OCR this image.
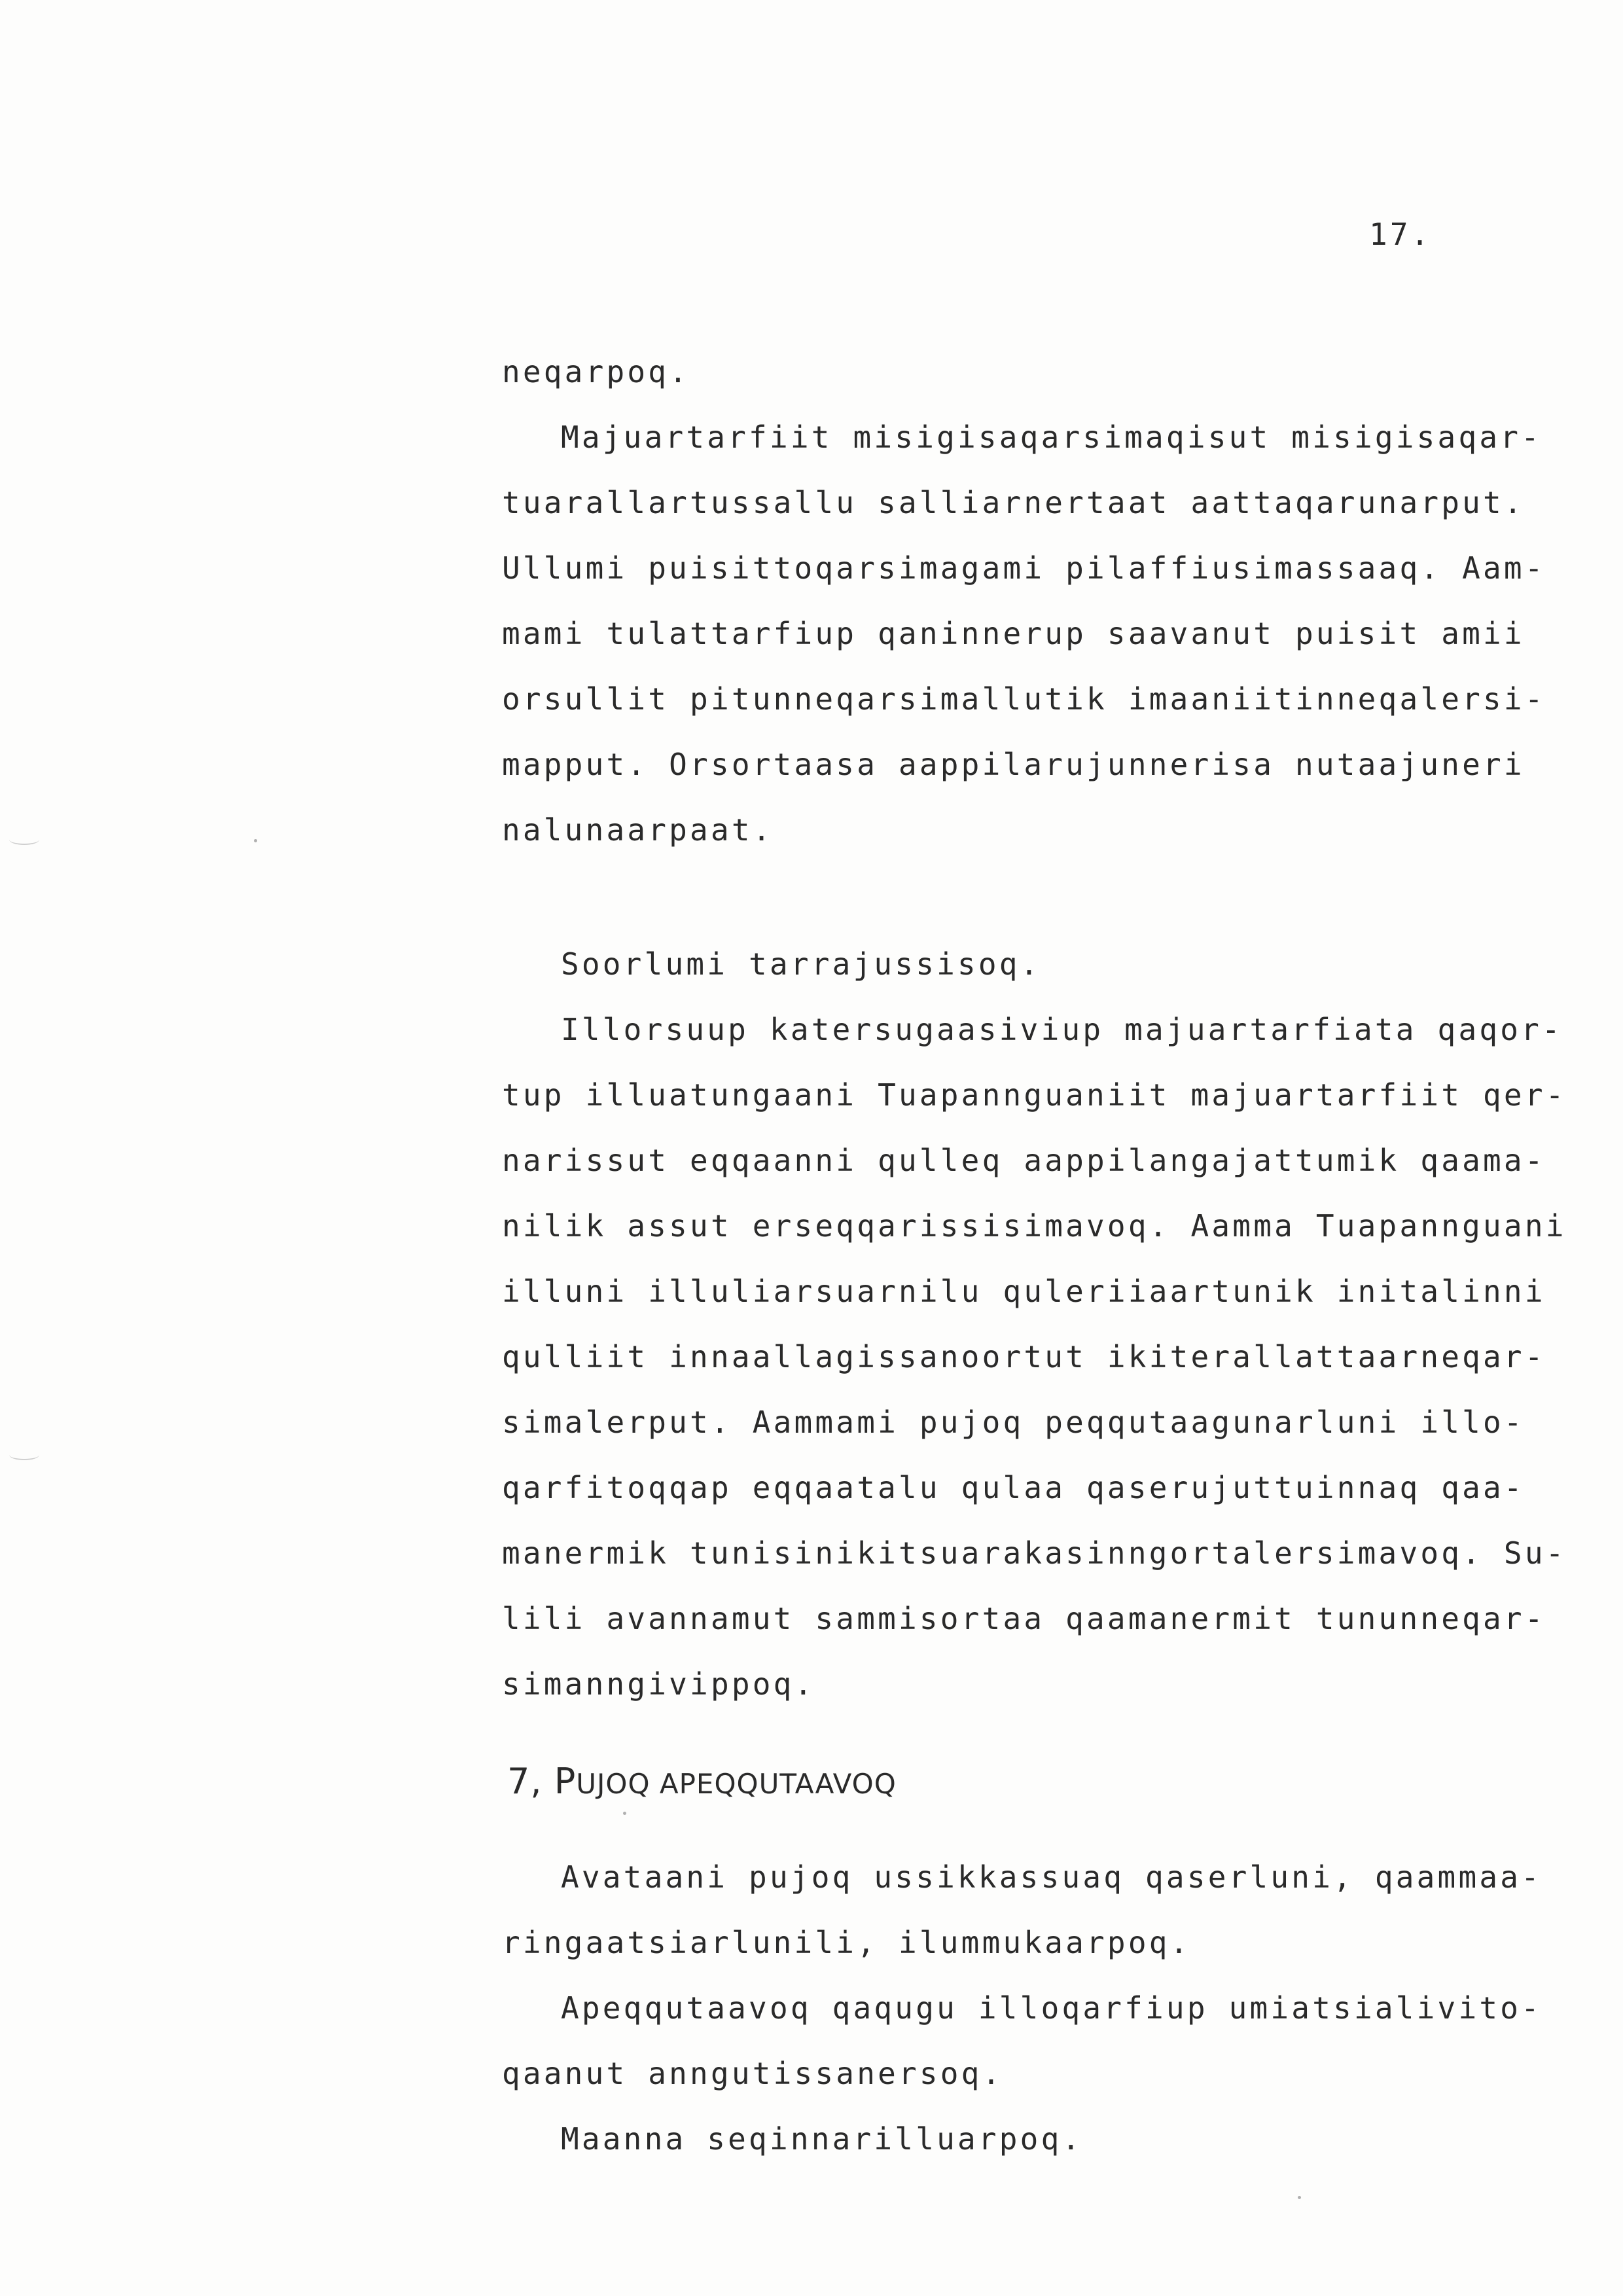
17.
neqarpoq.
Majuartarfiit misigisaqarsimaqisut misigisaqar-
tuarallartussallu salliarnertaat aattaqarunarput.
Ullumi puisittoqarsimagami pilaffiusimassaaq. Aam-
mami tulattarfiup qaninnerup saavanut puisit amii
orsullit pitunneqarsimallutik imaaniitinneqalersi-
mapput. Orsortaasa aappilarujunnerisa nutaajuneri
nalunaarpaat.
Soorlumi tarrajussisoq.
Illorsuup katersugaasiviup majuartarfiata qaqor-
tup illuatungaani Tuapannguaniit majuartarfiit qer-
narissut eqqaanni qulleq aappilangajattumik qaama-
nilik assut erseqqarissisimavoq. Aamma Tuapannguani
illuni illuliarsuarnilu quleriiaartunik initalinni
qulliit innaallagissanoortut ikiterallattaarneqar-
simalerput. Aammami pujoq peqqutaagunarluni illo-
qarfitoqqap eqqaatalu qulaa qaserujuttuinnaq qaa-
manermik tunisinikitsuarakasinngortalersimavoq. Su-
lili avannamut sammisortaa qaamanermit tununneqar-
simanngivippoq.
7, PUJOQ APEQQUTAAVOQ
Avataani pujoq ussikkassuaq qaserluni, qaammaa-
ringaatsiarlunili, ilummukaarpoq.
Apeqqutaavoq qaqugu illoqarfiup umiatsialivito-
qaanut anngutissanersoq.
Maanna seqinnarilluarpoq.
